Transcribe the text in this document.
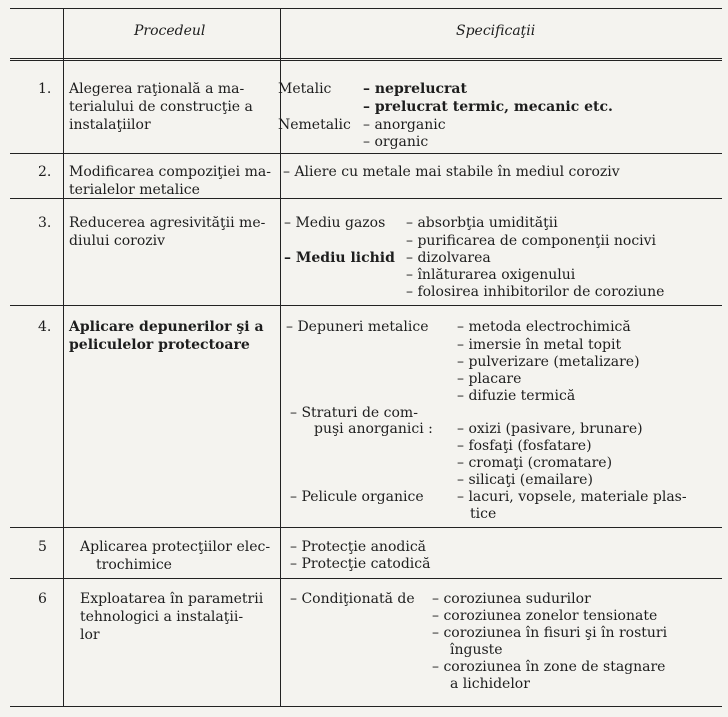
Procedeul	Specificaţii
1. Alegerea raţională a ma-
terialului de construcţie a
instalaţiilor
Metalic – neprelucrat
– prelucrat termic, mecanic etc.
Nemetalic – anorganic
– organic
2. Modificarea compoziţiei ma-
terialelor metalice
– Aliere cu metale mai stabile în mediul coroziv
3. Reducerea agresivităţii me-
diului coroziv
– Mediu gazos – absorbţia umidităţii
– purificarea de componenţii nocivi
– Mediu lichid – dizolvarea
– înlăturarea oxigenului
– folosirea inhibitorilor de coroziune
4. Aplicare depunerilor şi a
peliculelor protectoare
– Depuneri metalice – metoda electrochimică
– imersie în metal topit
– pulverizare (metalizare)
– placare
– difuzie termică
– Straturi de com-
puşi anorganici : – oxizi (pasivare, brunare)
– fosfaţi (fosfatare)
– cromaţi (cromatare)
– silicaţi (emailare)
– Pelicule organice – lacuri, vopsele, materiale plas-
tice
5 Aplicarea protecţiilor elec-
trochimice
– Protecţie anodică
– Protecţie catodică
6 Exploatarea în parametrii
tehnologici a instalaţii-
lor
– Condiţionată de – coroziunea sudurilor
– coroziunea zonelor tensionate
– coroziunea în fisuri şi în rosturi
înguste
– coroziunea în zone de stagnare
a lichidelor
